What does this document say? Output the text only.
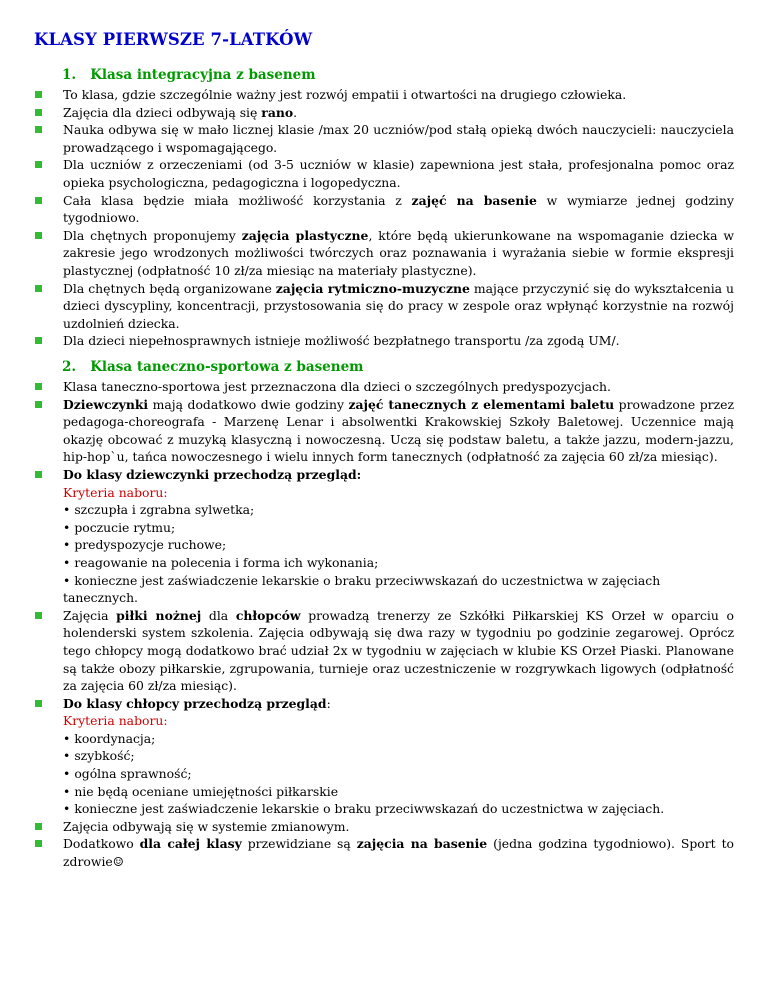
KLASY PIERWSZE 7-LATKÓW
1.   Klasa integracyjna z basenem
To klasa, gdzie szczególnie ważny jest rozwój empatii i otwartości na drugiego człowieka.
Zajęcia dla dzieci odbywają się rano.
Nauka odbywa się w mało licznej klasie /max 20 uczniów/pod stałą opieką dwóch nauczycieli: nauczyciela prowadzącego i wspomagającego.
Dla uczniów z orzeczeniami (od 3-5 uczniów w klasie) zapewniona jest stała, profesjonalna pomoc oraz opieka psychologiczna, pedagogiczna i logopedyczna.
Cała klasa będzie miała możliwość korzystania z zajęć na basenie w wymiarze jednej godziny tygodniowo.
Dla chętnych proponujemy zajęcia plastyczne, które będą ukierunkowane na wspomaganie dziecka w zakresie jego wrodzonych możliwości twórczych oraz poznawania i wyrażania siebie w formie ekspresji plastycznej (odpłatność 10 zł/za miesiąc na materiały plastyczne).
Dla chętnych będą organizowane zajęcia rytmiczno-muzyczne mające przyczynić się do wykształcenia u dzieci dyscypliny, koncentracji, przystosowania się do pracy w zespole oraz wpłynąć korzystnie na rozwój uzdolnień dziecka.
Dla dzieci niepełnosprawnych istnieje możliwość bezpłatnego transportu /za zgodą UM/.
2.   Klasa taneczno-sportowa z basenem
Klasa taneczno-sportowa jest przeznaczona dla dzieci o szczególnych predyspozycjach.
Dziewczynki mają dodatkowo dwie godziny zajęć tanecznych z elementami baletu prowadzone przez pedagoga-choreografa - Marzenę Lenar i absolwentki Krakowskiej Szkoły Baletowej. Uczennice mają okazję obcować z muzyką klasyczną i nowoczesną. Uczą się podstaw baletu, a także jazzu, modern-jazzu, hip-hop`u, tańca nowoczesnego i wielu innych form tanecznych (odpłatność za zajęcia 60 zł/za miesiąc).
Do klasy dziewczynki przechodzą przegląd:
Kryteria naboru:
• szczupła i zgrabna sylwetka;
• poczucie rytmu;
• predyspozycje ruchowe;
• reagowanie na polecenia i forma ich wykonania;
• konieczne jest zaświadczenie lekarskie o braku przeciwwskazań do uczestnictwa w zajęciach tanecznych.
Zajęcia piłki nożnej dla chłopców prowadzą trenerzy ze Szkółki Piłkarskiej KS Orzeł w oparciu o holenderski system szkolenia. Zajęcia odbywają się dwa razy w tygodniu po godzinie zegarowej. Oprócz tego chłopcy mogą dodatkowo brać udział 2x w tygodniu w zajęciach w klubie KS Orzeł Piaski. Planowane są także obozy piłkarskie, zgrupowania, turnieje oraz uczestniczenie w rozgrywkach ligowych (odpłatność za zajęcia 60 zł/za miesiąc).
Do klasy chłopcy przechodzą przegląd:
Kryteria naboru:
• koordynacja;
• szybkość;
• ogólna sprawność;
• nie będą oceniane umiejętności piłkarskie
• konieczne jest zaświadczenie lekarskie o braku przeciwwskazań do uczestnictwa w zajęciach.
Zajęcia odbywają się w systemie zmianowym.
Dodatkowo dla całej klasy przewidziane są zajęcia na basenie (jedna godzina tygodniowo). Sport to zdrowie☺
